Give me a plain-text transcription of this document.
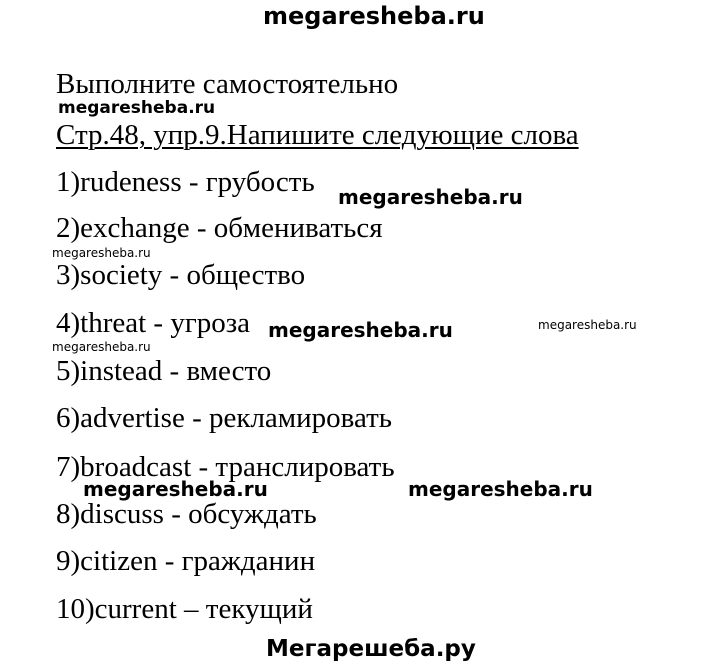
megaresheba.ru
megaresheba.ru
megaresheba.ru
megaresheba.ru
megaresheba.ru	megaresheba.ru
megaresheba.ru
megaresheba.ru	megaresheba.ru
Мегарешеба.ру
Выполните самостоятельно
Стр.48, упр.9.Напишите следующие слова
1)rudeness - грубость
2)exchange - обмениваться
3)society - общество
4)threat - угроза
5)instead - вместо
6)advertise - рекламировать
7)broadcast - транслировать
8)discuss - обсуждать
9)citizen - гражданин
10)current – текущий
